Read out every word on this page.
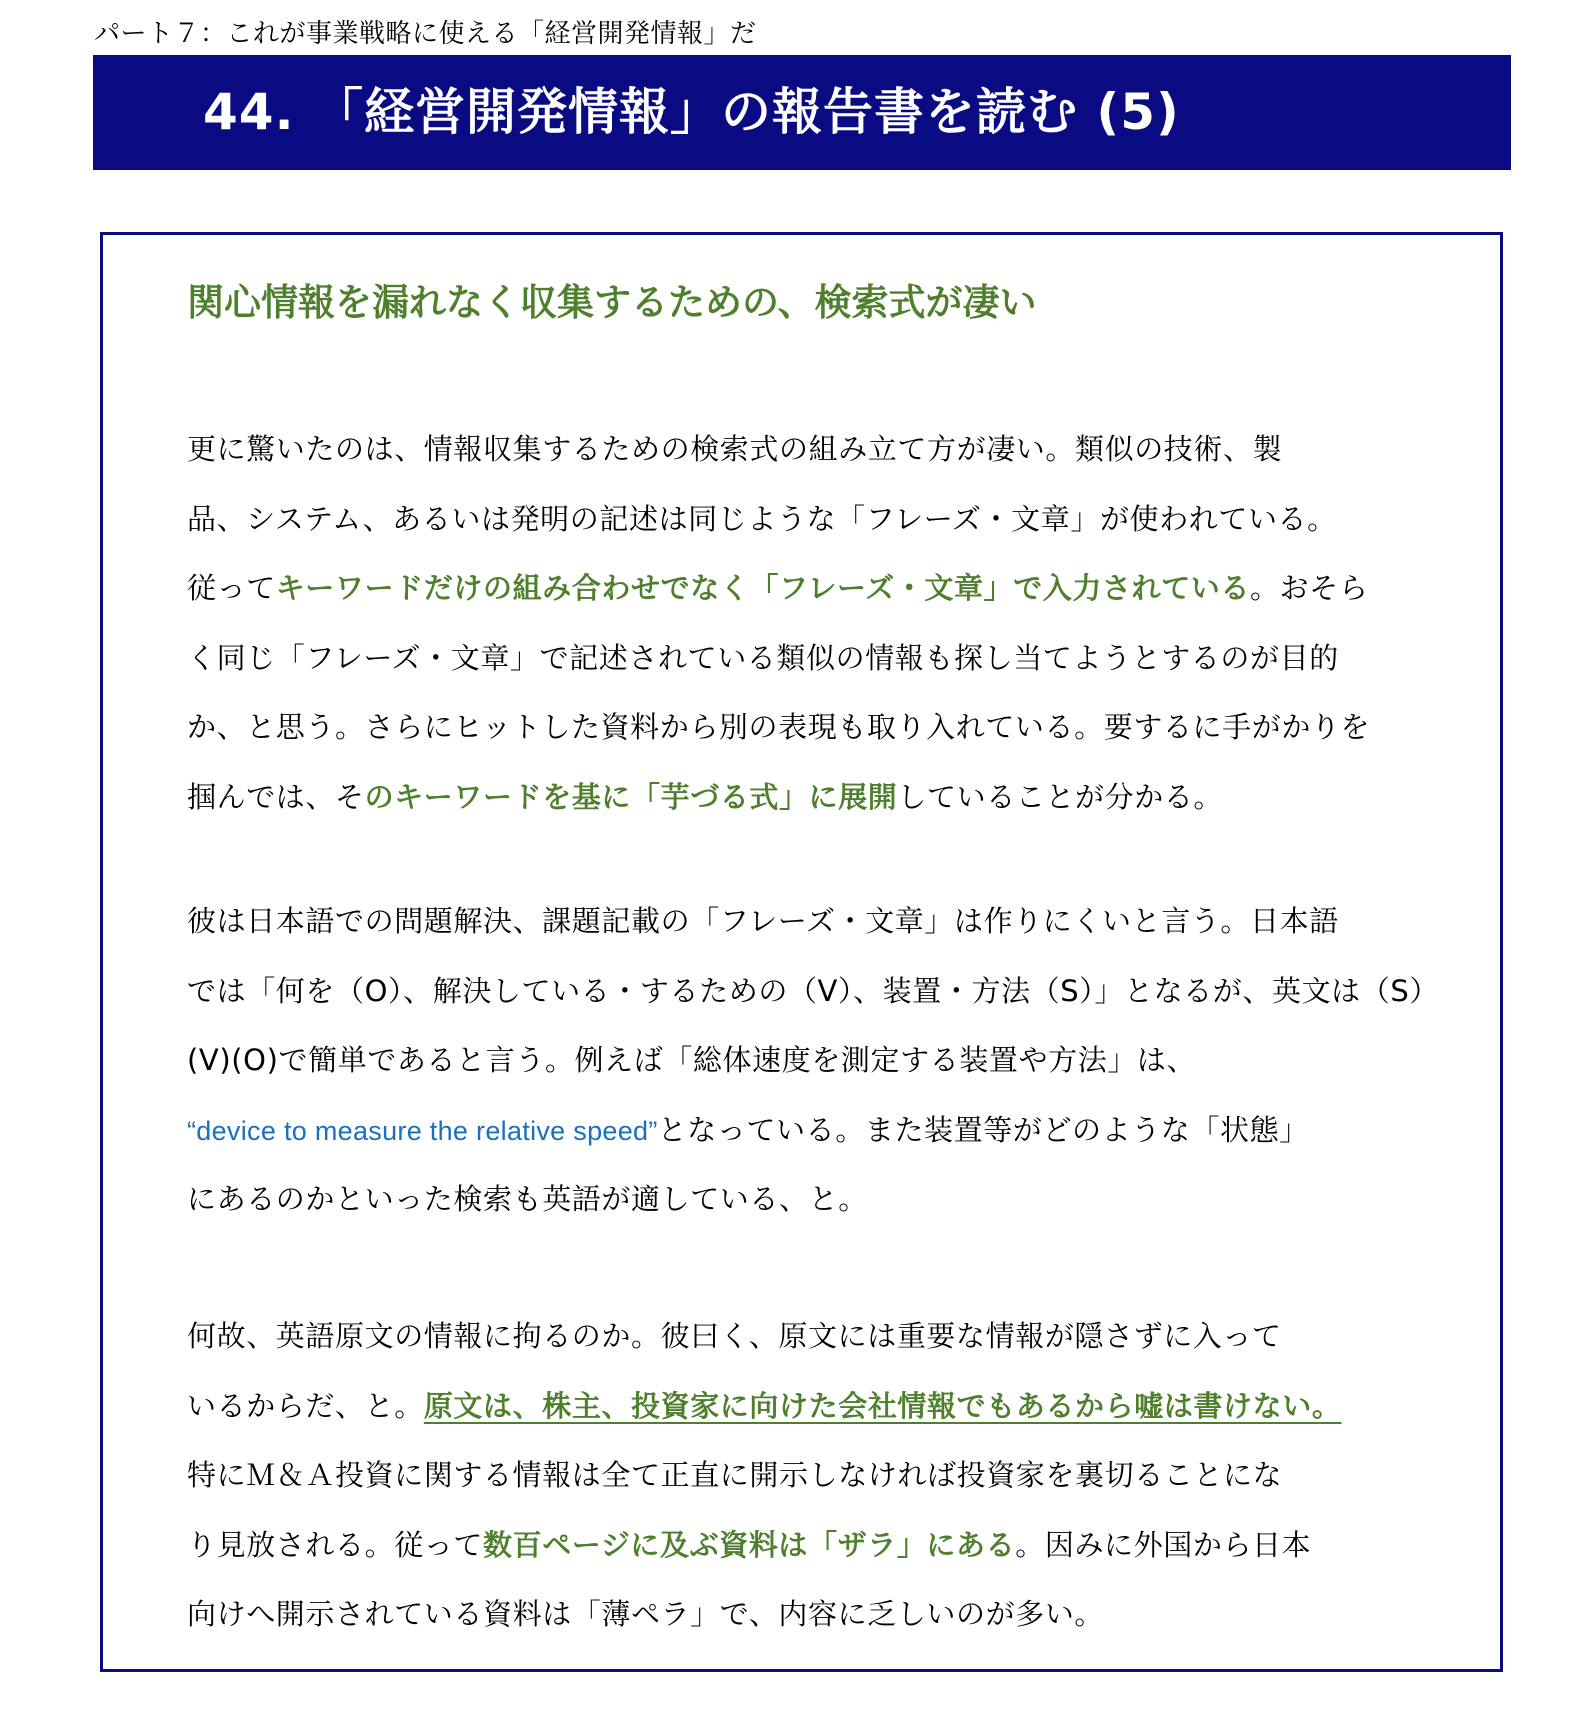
パート７：これが事業戦略に使える「経営開発情報」だ
44. 「経営開発情報」の報告書を読む (5)
関心情報を漏れなく収集するための、検索式が凄い
更に驚いたのは、情報収集するための検索式の組み立て方が凄い。類似の技術、製
品、システム、あるいは発明の記述は同じような「フレーズ・文章」が使われている。
従ってキーワードだけの組み合わせでなく「フレーズ・文章」で入力されている。おそら
く同じ「フレーズ・文章」で記述されている類似の情報も探し当てようとするのが目的
か、と思う。さらにヒットした資料から別の表現も取り入れている。要するに手がかりを
掴んでは、そのキーワードを基に「芋づる式」に展開していることが分かる。
彼は日本語での問題解決、課題記載の「フレーズ・文章」は作りにくいと言う。日本語
では「何を（O）、解決している・するための（V）、装置・方法（S）」となるが、英文は（S）
(V)(O)で簡単であると言う。例えば「総体速度を測定する装置や方法」は、
“device to measure the relative speed”となっている。また装置等がどのような「状態」
にあるのかといった検索も英語が適している、と。
何故、英語原文の情報に拘るのか。彼曰く、原文には重要な情報が隠さずに入って
いるからだ、と。原文は、株主、投資家に向けた会社情報でもあるから嘘は書けない。
特にＭ＆Ａ投資に関する情報は全て正直に開示しなければ投資家を裏切ることにな
り見放される。従って数百ページに及ぶ資料は「ザラ」にある。因みに外国から日本
向けへ開示されている資料は「薄ペラ」で、内容に乏しいのが多い。
